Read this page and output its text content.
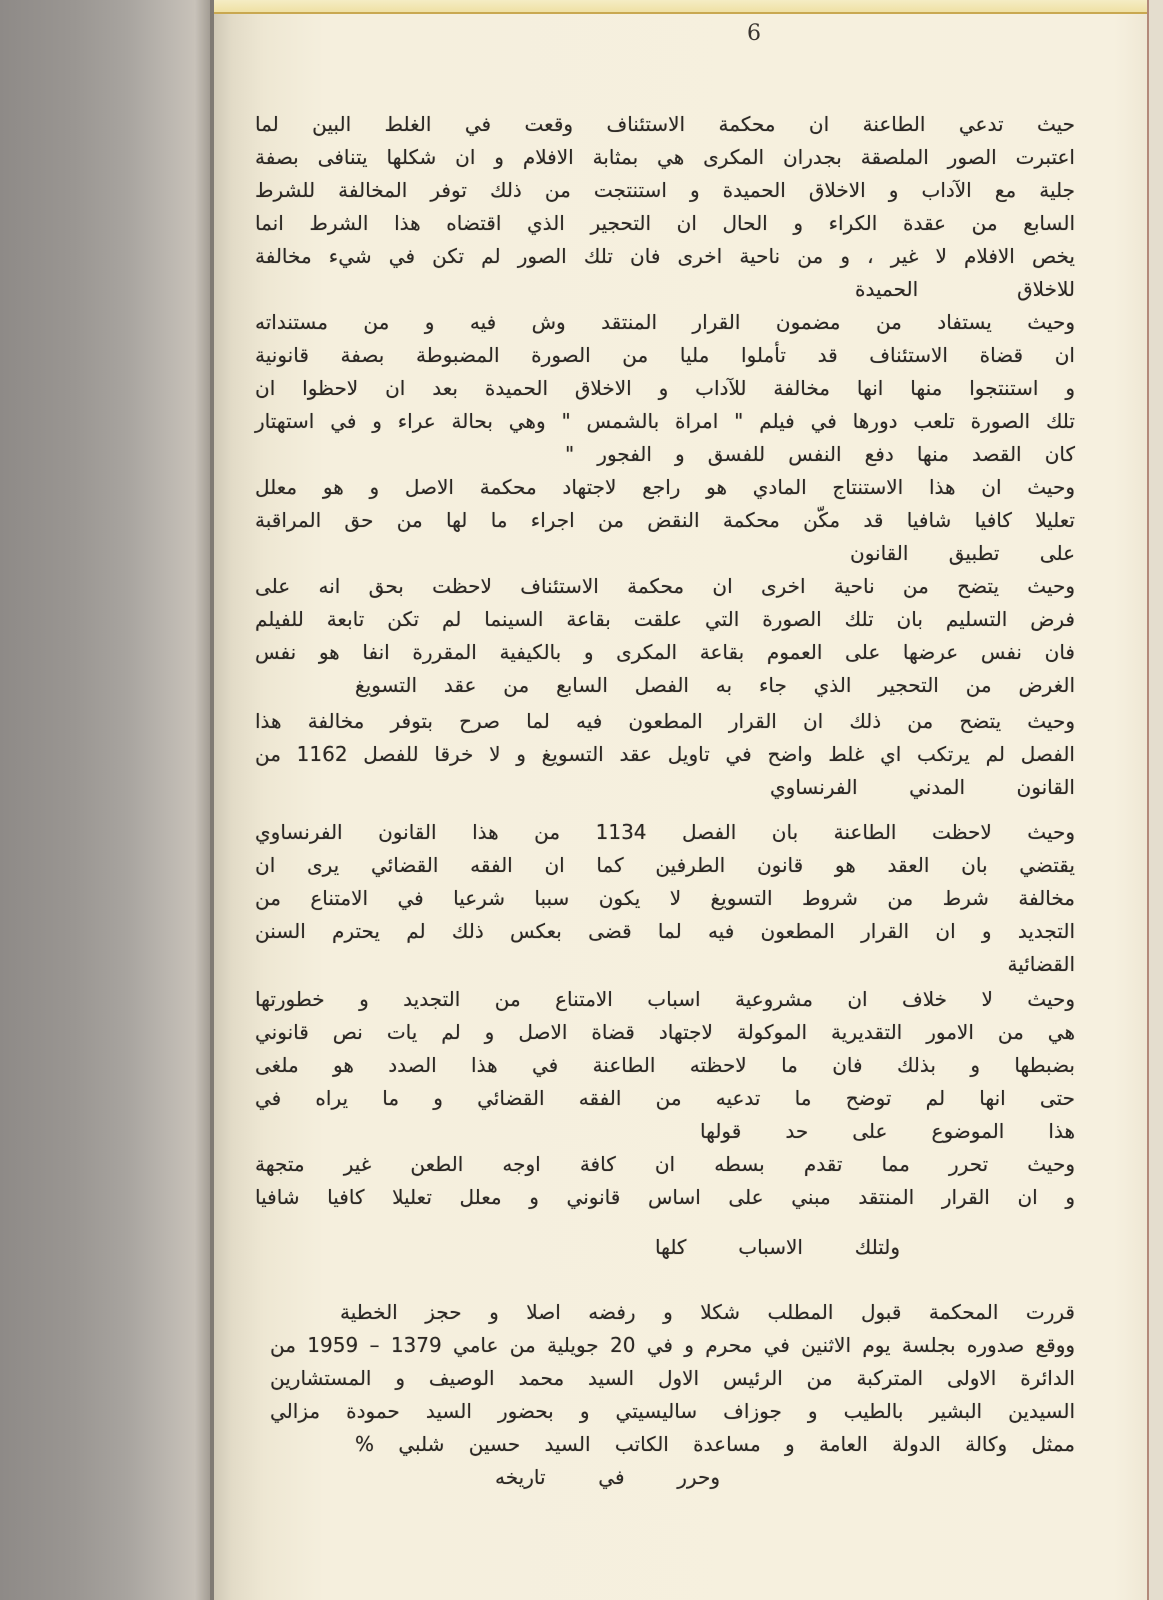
6
حيث تدعي الطاعنة ان محكمة الاستئناف وقعت في الغلط البين لما
اعتبرت الصور الملصقة بجدران المكرى هي بمثابة الافلام و ان شكلها يتنافى بصفة
جلية مع الآداب و الاخلاق الحميدة و استنتجت من ذلك توفر المخالفة للشرط
السابع من عقدة الكراء و الحال ان التحجير الذي اقتضاه هذا الشرط انما
يخص الافلام لا غير ، و من ناحية اخرى فان تلك الصور لم تكن في شيء مخالفة
للاخلاق الحميدة
وحيث يستفاد من مضمون القرار المنتقد وش فيه و من مستنداته
ان قضاة الاستئناف قد تأملوا مليا من الصورة المضبوطة بصفة قانونية
و استنتجوا منها انها مخالفة للآداب و الاخلاق الحميدة بعد ان لاحظوا ان
تلك الصورة تلعب دورها في فيلم " امراة بالشمس " وهي بحالة عراء و في استهتار
كان القصد منها دفع النفس للفسق و الفجور "
وحيث ان هذا الاستنتاج المادي هو راجع لاجتهاد محكمة الاصل و هو معلل
تعليلا كافيا شافيا قد مكّن محكمة النقض من اجراء ما لها من حق المراقبة
على تطبيق القانون
وحيث يتضح من ناحية اخرى ان محكمة الاستئناف لاحظت بحق انه على
فرض التسليم بان تلك الصورة التي علقت بقاعة السينما لم تكن تابعة للفيلم
فان نفس عرضها على العموم بقاعة المكرى و بالكيفية المقررة انفا هو نفس
الغرض من التحجير الذي جاء به الفصل السابع من عقد التسويغ
وحيث يتضح من ذلك ان القرار المطعون فيه لما صرح بتوفر مخالفة هذا
الفصل لم يرتكب اي غلط واضح في تاويل عقد التسويغ و لا خرقا للفصل 1162 من
القانون المدني الفرنساوي
وحيث لاحظت الطاعنة بان الفصل 1134 من هذا القانون الفرنساوي
يقتضي بان العقد هو قانون الطرفين كما ان الفقه القضائي يرى ان
مخالفة شرط من شروط التسويغ لا يكون سببا شرعيا في الامتناع من
التجديد و ان القرار المطعون فيه لما قضى بعكس ذلك لم يحترم السنن
القضائية
وحيث لا خلاف ان مشروعية اسباب الامتناع من التجديد و خطورتها
هي من الامور التقديرية الموكولة لاجتهاد قضاة الاصل و لم يات نص قانوني
بضبطها و بذلك فان ما لاحظته الطاعنة في هذا الصدد هو ملغى
حتى انها لم توضح ما تدعيه من الفقه القضائي و ما يراه في
هذا الموضوع على حد قولها
وحيث تحرر مما تقدم بسطه ان كافة اوجه الطعن غير متجهة
و ان القرار المنتقد مبني على اساس قانوني و معلل تعليلا كافيا شافيا
ولتلك الاسباب كلها
قررت المحكمة قبول المطلب شكلا و رفضه اصلا و حجز الخطية
ووقع صدوره بجلسة يوم الاثنين في محرم و في 20 جويلية من عامي 1379 – 1959 من
الدائرة الاولى المتركبة من الرئيس الاول السيد محمد الوصيف و المستشارين
السيدين البشير بالطيب و جوزاف ساليسيتي و بحضور السيد حمودة مزالي
ممثل وكالة الدولة العامة و مساعدة الكاتب السيد حسين شلبي %
وحرر في تاريخه
